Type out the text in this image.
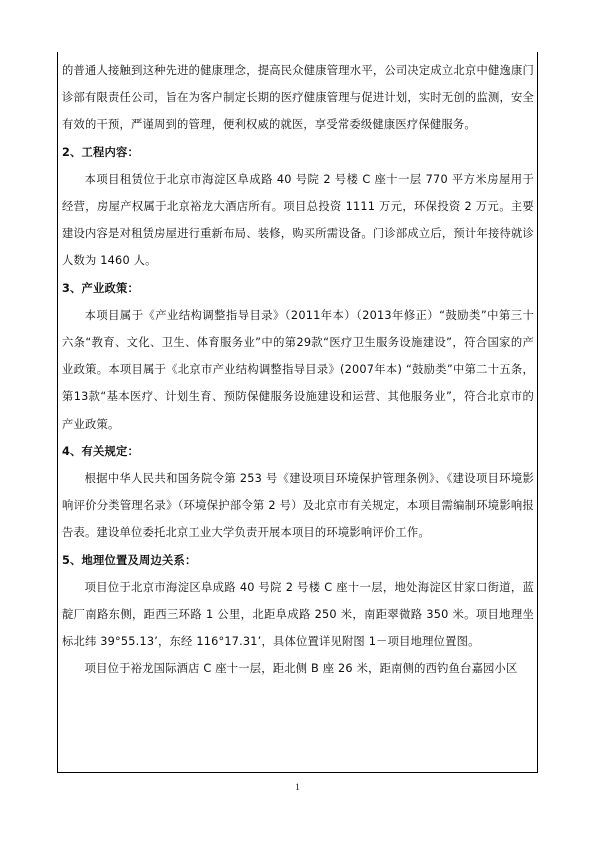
的普通人接触到这种先进的健康理念，提高民众健康管理水平，公司决定成立北京中健逸康门诊部有限责任公司，旨在为客户制定长期的医疗健康管理与促进计划，实时无创的监测，安全有效的干预，严谨周到的管理，便利权威的就医，享受常委级健康医疗保健服务。

2、工程内容：

本项目租赁位于北京市海淀区阜成路 40 号院 2 号楼 C 座十一层 770 平方米房屋用于经营，房屋产权属于北京裕龙大酒店所有。项目总投资 1111 万元，环保投资 2 万元。主要建设内容是对租赁房屋进行重新布局、装修，购买所需设备。门诊部成立后，预计年接待就诊人数为 1460 人。

3、产业政策：

本项目属于《产业结构调整指导目录》（2011年本）（2013年修正）“鼓励类”中第三十六条“教育、文化、卫生、体育服务业”中的第29款“医疗卫生服务设施建设”，符合国家的产业政策。本项目属于《北京市产业结构调整指导目录》(2007年本) “鼓励类”中第二十五条，第13款“基本医疗、计划生育、预防保健服务设施建设和运营、其他服务业”，符合北京市的产业政策。

4、有关规定：

根据中华人民共和国务院令第 253 号《建设项目环境保护管理条例》、《建设项目环境影响评价分类管理名录》（环境保护部令第 2 号）及北京市有关规定，本项目需编制环境影响报告表。建设单位委托北京工业大学负责开展本项目的环境影响评价工作。

5、地理位置及周边关系：

项目位于北京市海淀区阜成路 40 号院 2 号楼 C 座十一层，地处海淀区甘家口街道，蓝靛厂南路东侧，距西三环路 1 公里，北距阜成路 250 米，南距翠微路 350 米。项目地理坐标北纬 39°55.13’，东经 116°17.31’，具体位置详见附图 1－项目地理位置图。

项目位于裕龙国际酒店 C 座十一层，距北侧 B 座 26 米，距南侧的西钓鱼台嘉园小区

1
